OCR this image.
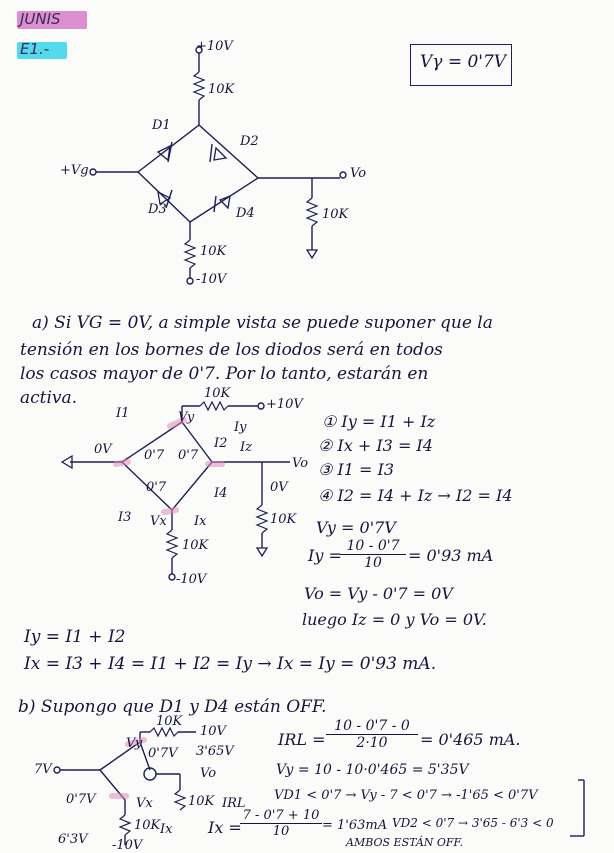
JUNIS
E1.-
Vγ = 0'7V
+10V
10K
D1
D2
+Vg	Vo
D3	D4	10K
10K
-10V
a) Si VG = 0V, a simple vista se puede suponer que la
tensión en los bornes de los diodos será en todos
los casos mayor de 0'7. Por lo tanto, estarán en
activa.	10K
+10V
I1	Vy
Iy
I2 Iz
0V 0'7 0'7
Vo
0'7	I4	0V
I3 Vx Ix	10K
10K
-10V
① Iy = I1 + Iz
② Ix + I3 = I4
③ I1 = I3
④ I2 = I4 + Iz → I2 = I4
Vy = 0'7V
Iy =
$\frac{10 - 0'7}{10} = 0'93$ mA
Vo = Vy - 0'7 = 0V
luego Iz = 0 y Vo = 0V.
Iy = I1 + I2
Ix = I3 + I4 = I1 + I2 = Iy → Ix = Iy = 0'93 mA.
b) Supongo que D1 y D4 están OFF.
10K
10V
Vy
0'7V 3'65V
7V	Vo
0'7V	Vx	10K IRL
10K Ix
6'3V -10V
IRL = $\frac{10 - 0'7 - 0}{2\cdot 10} = 0'465$ mA.
Vy = 10 - 10·0'465 = 5'35V
VD1 < 0'7 → Vy - 7 < 0'7 → -1'65 < 0'7V
Ix =
$\frac{7 - 0'7 + 10}{10} = 1'63mA$ VD2 < 0'7 → 3'65 - 6'3 < 0
AMBOS ESTÁN OFF.
